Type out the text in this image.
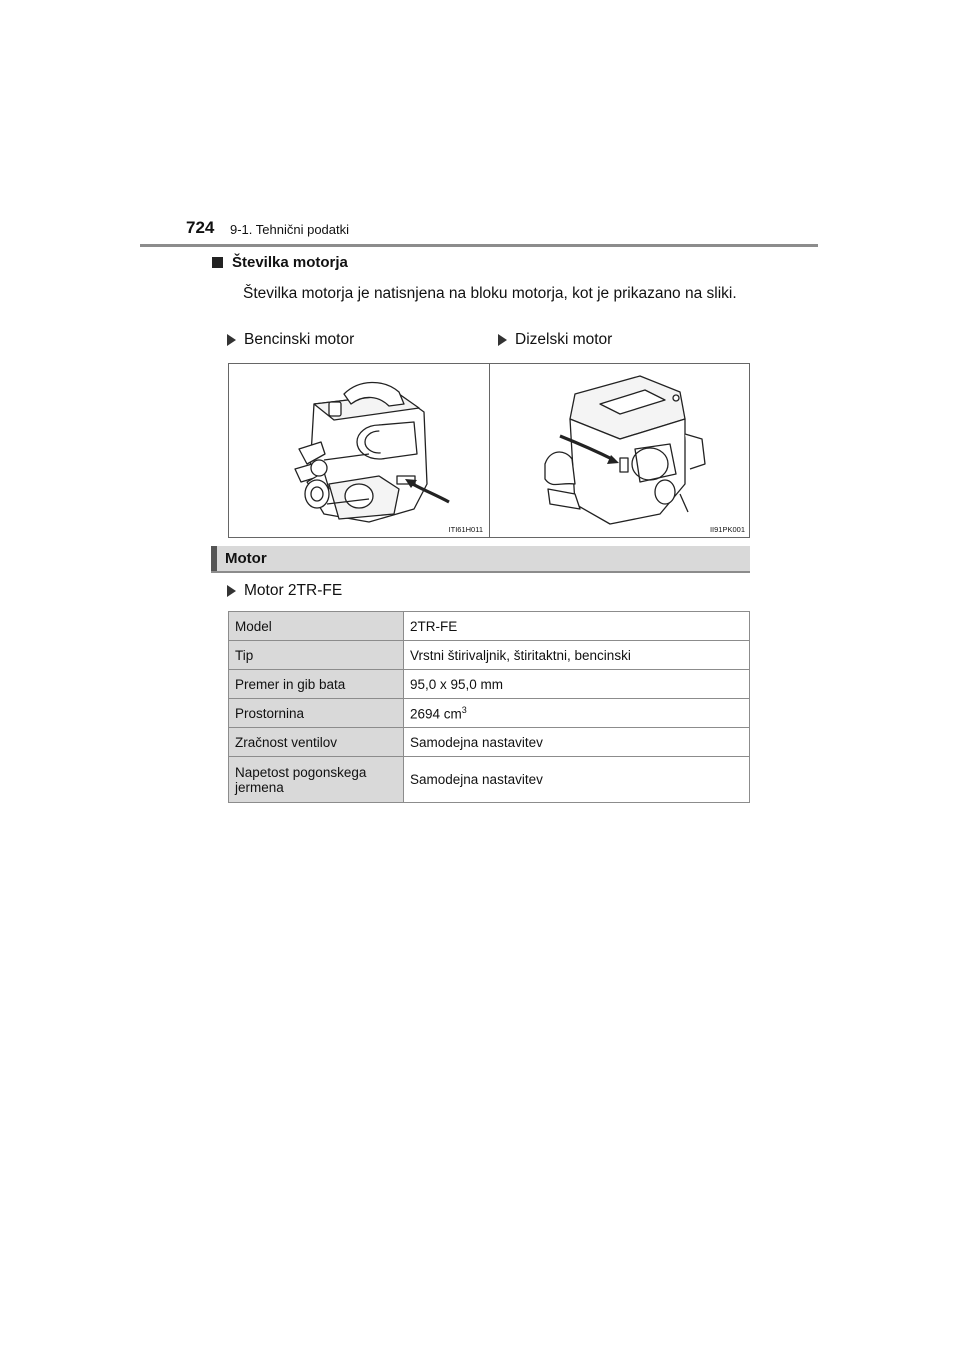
724 9-1. Tehnični podatki
Številka motorja
Številka motorja je natisnjena na bloku motorja, kot je prikazano na sliki.
Bencinski motor	Dizelski motor
ITI61H011	II91PK001
Motor
Motor 2TR-FE
Model	2TR-FE
Tip	Vrstni štirivaljnik, štiritaktni, bencinski
Premer in gib bata	95,0 x 95,0 mm
Prostornina	2694 $cm^3$
Zračnost ventilov	Samodejna nastavitev
Napetost pogonskega jermena	Samodejna nastavitev
